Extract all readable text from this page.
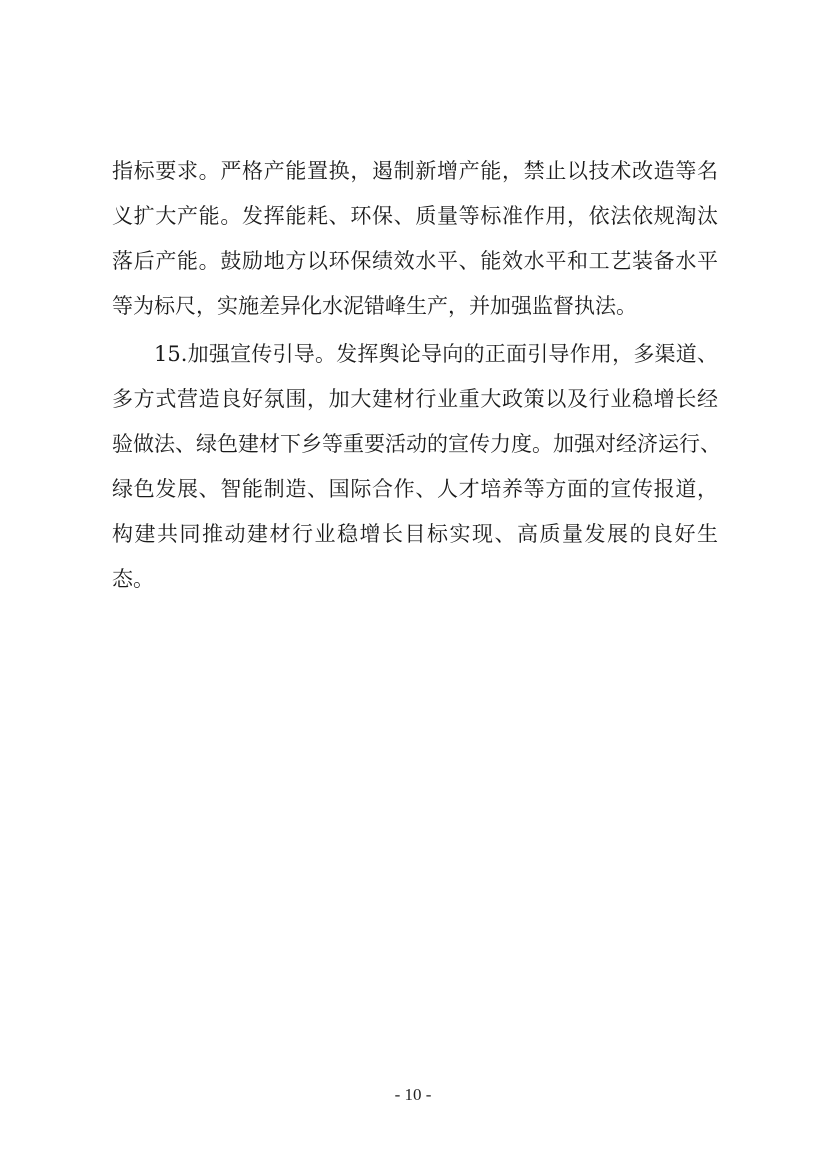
指标要求。严格产能置换，遏制新增产能，禁止以技术改造等名
义扩大产能。发挥能耗、环保、质量等标准作用，依法依规淘汰
落后产能。鼓励地方以环保绩效水平、能效水平和工艺装备水平
等为标尺，实施差异化水泥错峰生产，并加强监督执法。
15.加强宣传引导。发挥舆论导向的正面引导作用，多渠道、
多方式营造良好氛围，加大建材行业重大政策以及行业稳增长经
验做法、绿色建材下乡等重要活动的宣传力度。加强对经济运行、
绿色发展、智能制造、国际合作、人才培养等方面的宣传报道，
构建共同推动建材行业稳增长目标实现、高质量发展的良好生
态。
- 10 -
